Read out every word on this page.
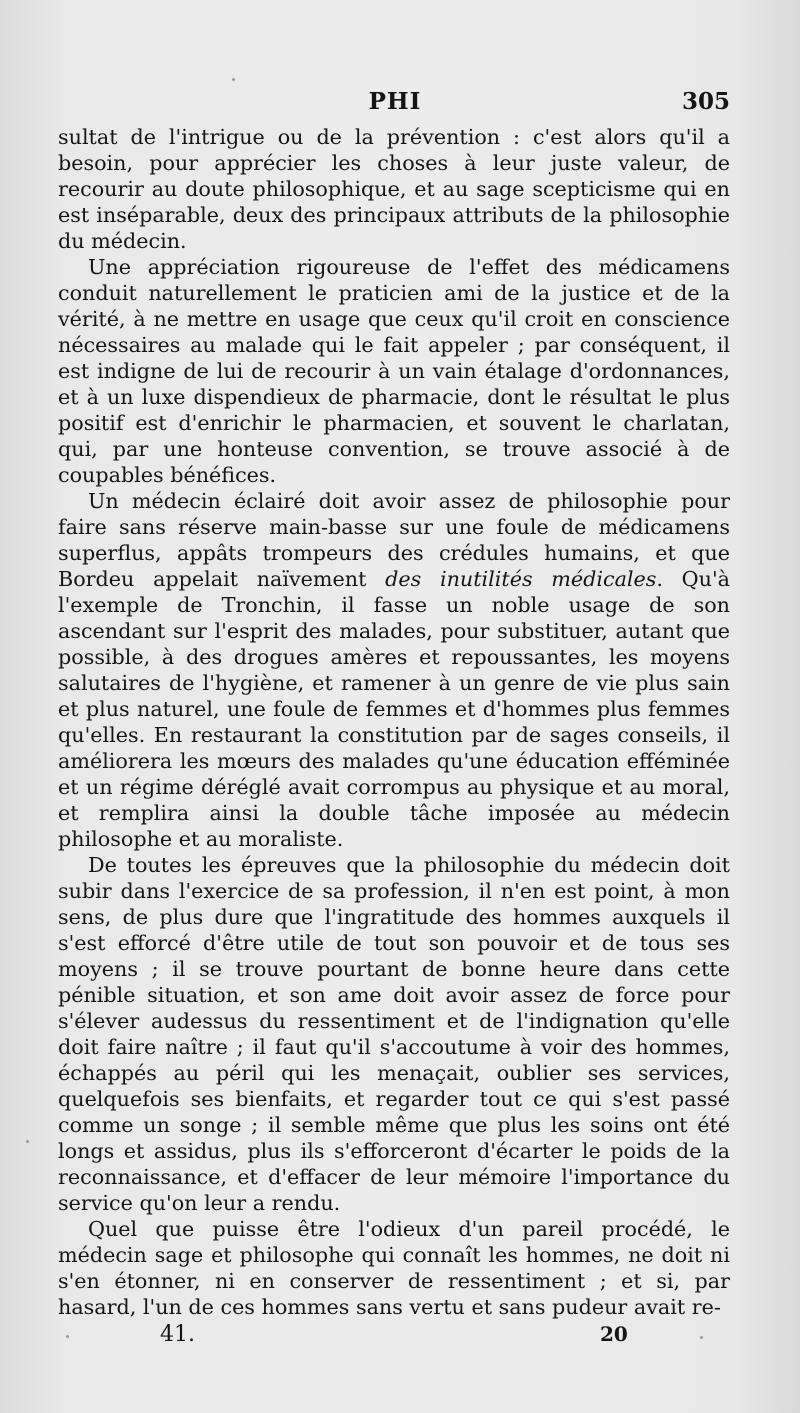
PHI	305

sultat de l'intrigue ou de la prévention : c'est alors qu'il a besoin, pour apprécier les choses à leur juste valeur, de recourir au doute philosophique, et au sage scepticisme qui en est inséparable, deux des principaux attributs de la philosophie du médecin.

Une appréciation rigoureuse de l'effet des médicamens conduit naturellement le praticien ami de la justice et de la vérité, à ne mettre en usage que ceux qu'il croit en conscience nécessaires au malade qui le fait appeler ; par conséquent, il est indigne de lui de recourir à un vain étalage d'ordonnances, et à un luxe dispendieux de pharmacie, dont le résultat le plus positif est d'enrichir le pharmacien, et souvent le charlatan, qui, par une honteuse convention, se trouve associé à de coupables bénéfices.

Un médecin éclairé doit avoir assez de philosophie pour faire sans réserve main-basse sur une foule de médicamens superflus, appâts trompeurs des crédules humains, et que Bordeu appelait naïvement des inutilités médicales. Qu'à l'exemple de Tronchin, il fasse un noble usage de son ascendant sur l'esprit des malades, pour substituer, autant que possible, à des drogues amères et repoussantes, les moyens salutaires de l'hygiène, et ramener à un genre de vie plus sain et plus naturel, une foule de femmes et d'hommes plus femmes qu'elles. En restaurant la constitution par de sages conseils, il améliorera les mœurs des malades qu'une éducation efféminée et un régime déréglé avait corrompus au physique et au moral, et remplira ainsi la double tâche imposée au médecin philosophe et au moraliste.

De toutes les épreuves que la philosophie du médecin doit subir dans l'exercice de sa profession, il n'en est point, à mon sens, de plus dure que l'ingratitude des hommes auxquels il s'est efforcé d'être utile de tout son pouvoir et de tous ses moyens ; il se trouve pourtant de bonne heure dans cette pénible situation, et son ame doit avoir assez de force pour s'élever audessus du ressentiment et de l'indignation qu'elle doit faire naître ; il faut qu'il s'accoutume à voir des hommes, échappés au péril qui les menaçait, oublier ses services, quelquefois ses bienfaits, et regarder tout ce qui s'est passé comme un songe ; il semble même que plus les soins ont été longs et assidus, plus ils s'efforceront d'écarter le poids de la reconnaissance, et d'effacer de leur mémoire l'importance du service qu'on leur a rendu.

Quel que puisse être l'odieux d'un pareil procédé, le médecin sage et philosophe qui connaît les hommes, ne doit ni s'en étonner, ni en conserver de ressentiment ; et si, par hasard, l'un de ces hommes sans vertu et sans pudeur avait re-

41.	20
